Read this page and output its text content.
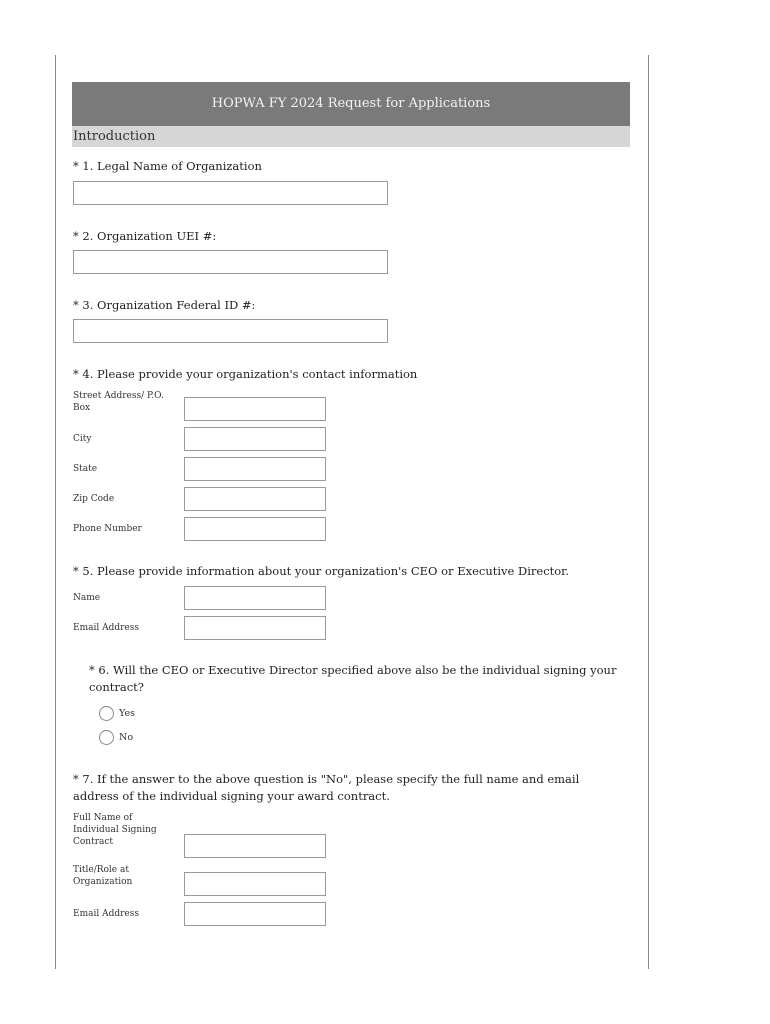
HOPWA FY 2024 Request for Applications
Introduction
* 1. Legal Name of Organization
* 2. Organization UEI #:
* 3. Organization Federal ID #:
* 4. Please provide your organization's contact information
Street Address/ P.O. Box
City
State
Zip Code
Phone Number
* 5. Please provide information about your organization's CEO or Executive Director.
Name
Email Address
* 6. Will the CEO or Executive Director specified above also be the individual signing your contract?
Yes
No
* 7. If the answer to the above question is "No", please specify the full name and email address of the individual signing your award contract.
Full Name of Individual Signing Contract
Title/Role at Organization
Email Address
